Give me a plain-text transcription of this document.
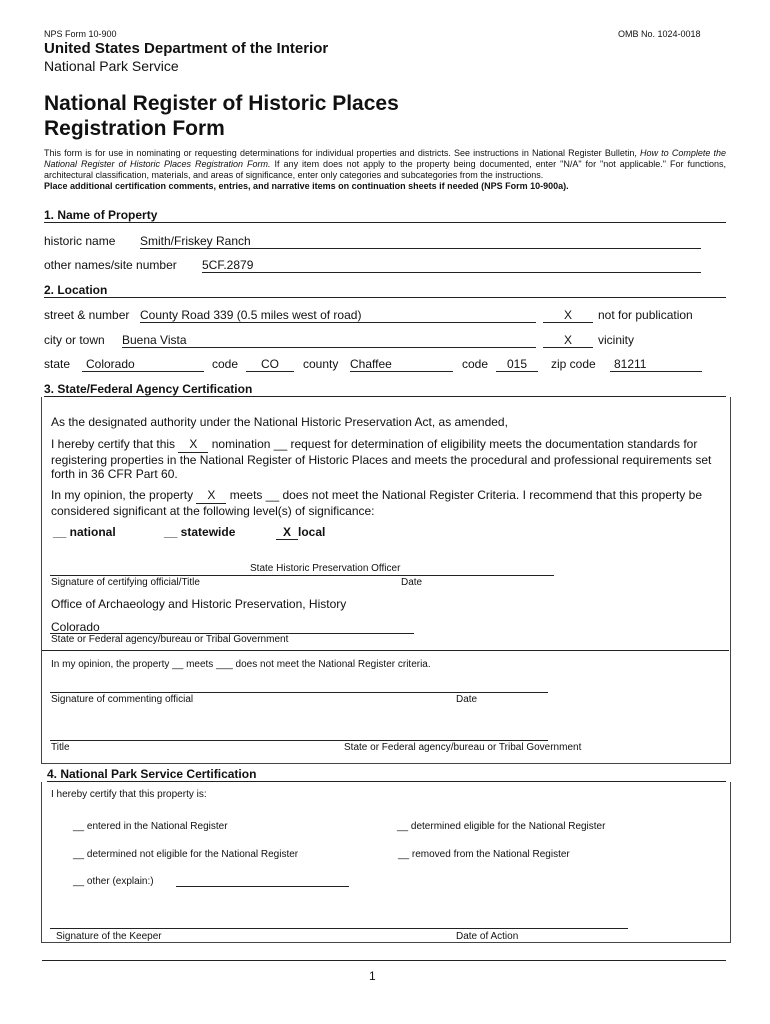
NPS Form 10-900	OMB No. 1024-0018
United States Department of the Interior
National Park Service
National Register of Historic Places
Registration Form
This form is for use in nominating or requesting determinations for individual properties and districts. See instructions in National Register Bulletin, How to Complete the National Register of Historic Places Registration Form. If any item does not apply to the property being documented, enter "N/A" for "not applicable." For functions, architectural classification, materials, and areas of significance, enter only categories and subcategories from the instructions.
Place additional certification comments, entries, and narrative items on continuation sheets if needed (NPS Form 10-900a).
1. Name of Property
historic name Smith/Friskey Ranch
other names/site number 5CF.2879
2. Location
street & number County Road 339 (0.5 miles west of road)	X	not for publication
city or town Buena Vista	X	vicinity
state	Colorado	code	CO	county Chaffee	code	015	zip code	81211
3. State/Federal Agency Certification
As the designated authority under the National Historic Preservation Act, as amended,
I hereby certify that this X nomination __ request for determination of eligibility meets the documentation standards for registering properties in the National Register of Historic Places and meets the procedural and professional requirements set forth in 36 CFR Part 60.
In my opinion, the property X meets __ does not meet the National Register Criteria. I recommend that this property be considered significant at the following level(s) of significance:
__ national	__ statewide	X local
State Historic Preservation Officer
Signature of certifying official/Title	Date
Office of Archaeology and Historic Preservation, History
Colorado
State or Federal agency/bureau or Tribal Government
In my opinion, the property __ meets ___ does not meet the National Register criteria.
Signature of commenting official	Date
Title	State or Federal agency/bureau or Tribal Government
4. National Park Service Certification
I hereby certify that this property is:
__ entered in the National Register	__ determined eligible for the National Register
__ determined not eligible for the National Register	__ removed from the National Register
__ other (explain:)
Signature of the Keeper	Date of Action
1
